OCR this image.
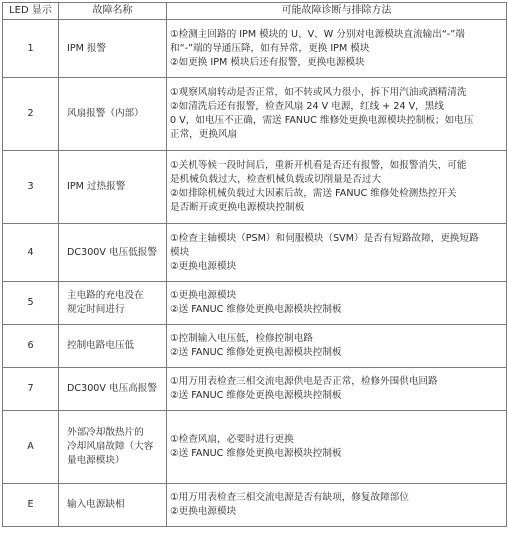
LED 显示	故障名称	可能故障诊断与排除方法
1	IPM 报警	①检测主回路的 IPM 模块的 U、V、W 分别对电源模块直流输出“-”端
和“-”端的导通压降，如有异常，更换 IPM 模块
②如更换 IPM 模块后还有报警，更换电源模块

2	风扇报警（内部）	①观察风扇转动是否正常，如不转或风力很小，拆下用汽油或酒精清洗
②如清洗后还有报警，检查风扇 24 V 电源，红线 + 24 V，黑线
0 V，如电压不正确，需送 FANUC 维修处更换电源模块控制板；如电压
正常，更换风扇

3	IPM 过热报警	①关机等候一段时间后，重新开机看是否还有报警，如报警消失，可能
是机械负载过大，检查机械负载或切削量是否过大
②如排除机械负载过大因素后故，需送 FANUC 维修处检测热控开关
是否断开或更换电源模块控制板

4	DC300V 电压低报警	①检查主轴模块（PSM）和伺服模块（SVM）是否有短路故障，更换短路
模块
②更换电源模块

5	主电路的充电没在
规定时间进行	①更换电源模块
②送 FANUC 维修处更换电源模块控制板

6	控制电路电压低	①控制输入电压低，检修控制电路
②送 FANUC 维修处更换电源模块控制板

7	DC300V 电压高报警	①用万用表检查三相交流电源供电是否正常，检修外围供电回路
②送 FANUC 维修处更换电源模块控制板

A	外部冷却散热片的
冷却风扇故障（大容
量电源模块）	①检查风扇，必要时进行更换
②送 FANUC 维修处更换电源模块控制板

E	输入电源缺相	①用万用表检查三相交流电源是否有缺项，修复故障部位
②更换电源模块
